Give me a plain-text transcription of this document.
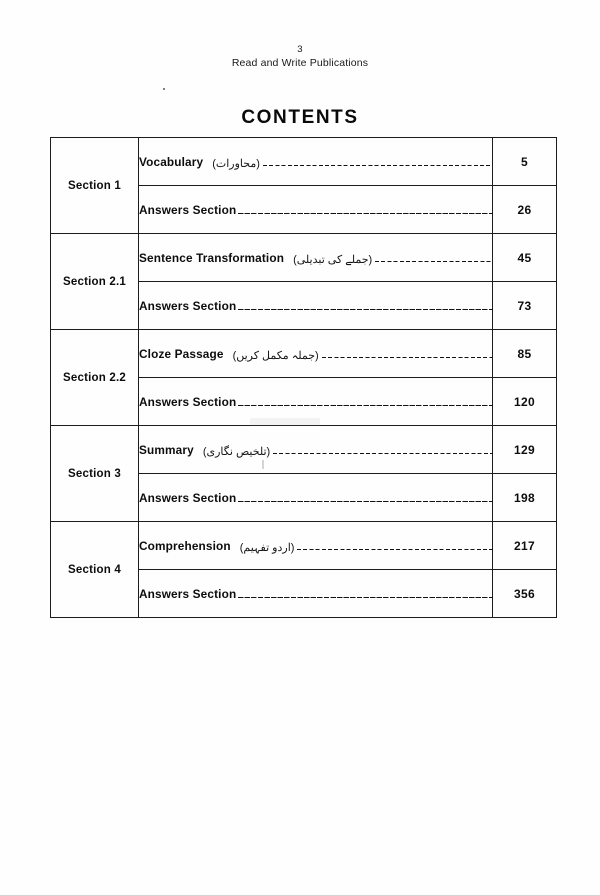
3
Read and Write Publications
CONTENTS
Section 1	Vocabulary (محاورات)	5

	Answers Section	26
Section 2.1	Sentence Transformation (جملے کی تبدیلی)	45

	Answers Section	73
Section 2.2	Cloze Passage (جملہ مکمل کریں)	85

	Answers Section	120
Section 3	Summary (تلخیص نگاری)	129

	Answers Section	198
Section 4	Comprehension (اردو تفہیم)	217

	Answers Section	356
